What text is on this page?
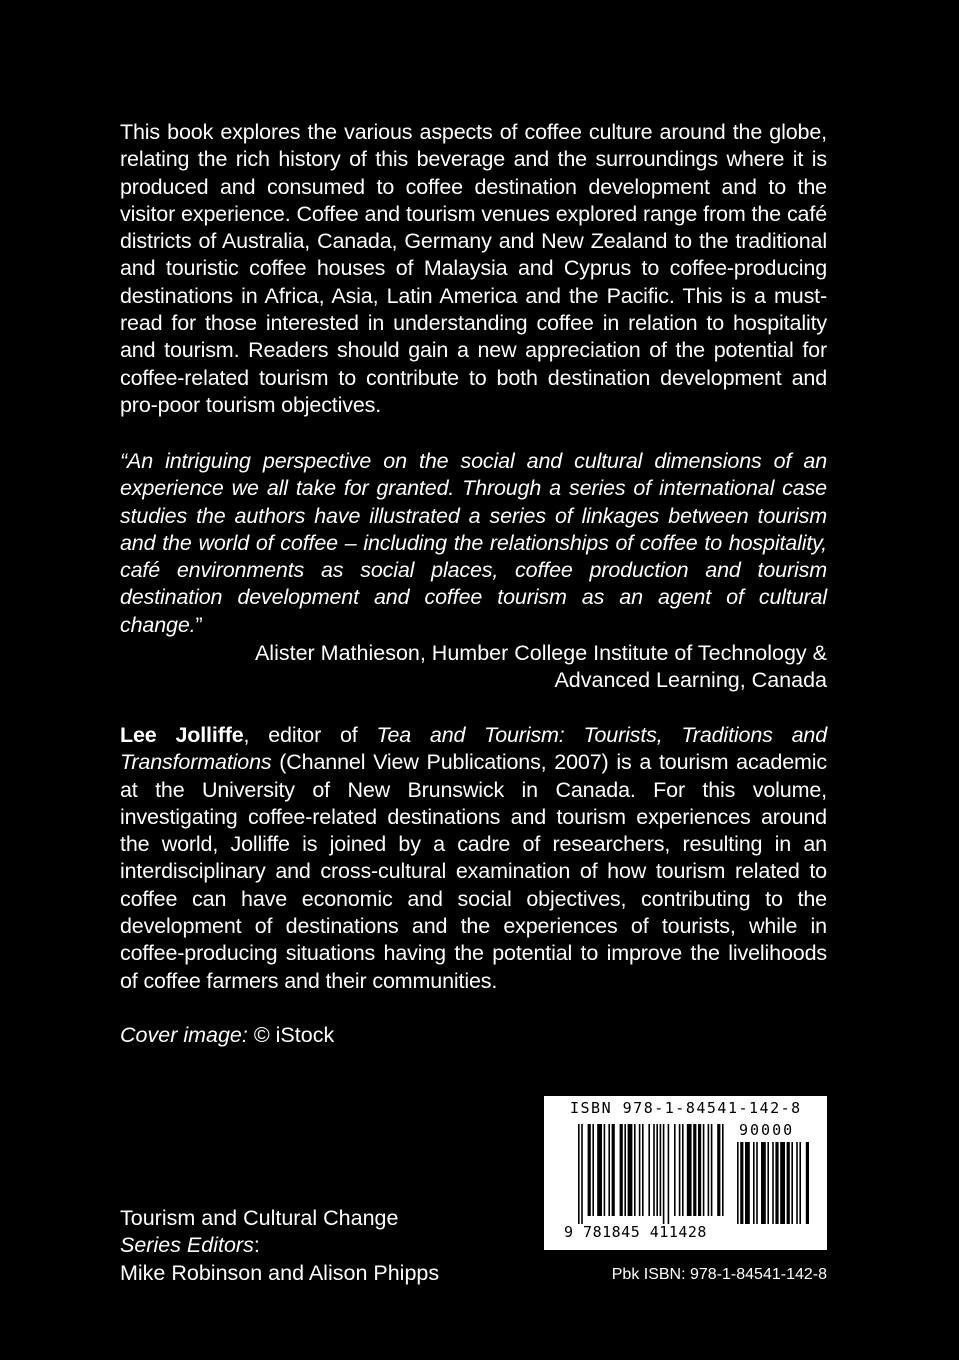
This book explores the various aspects of coffee culture around the globe, relating the rich history of this beverage and the surroundings where it is produced and consumed to coffee destination development and to the visitor experience. Coffee and tourism venues explored range from the café districts of Australia, Canada, Germany and New Zealand to the traditional and touristic coffee houses of Malaysia and Cyprus to coffee-producing destinations in Africa, Asia, Latin America and the Pacific. This is a must-read for those interested in understanding coffee in relation to hospitality and tourism. Readers should gain a new appreciation of the potential for coffee-related tourism to contribute to both destination development and pro-poor tourism objectives.
“An intriguing perspective on the social and cultural dimensions of an experience we all take for granted. Through a series of international case studies the authors have illustrated a series of linkages between tourism and the world of coffee – including the relationships of coffee to hospitality, café environments as social places, coffee production and tourism destination development and coffee tourism as an agent of cultural change.”
Alister Mathieson, Humber College Institute of Technology &
Advanced Learning, Canada
Lee Jolliffe, editor of Tea and Tourism: Tourists, Traditions and Transformations (Channel View Publications, 2007) is a tourism academic at the University of New Brunswick in Canada. For this volume, investigating coffee-related destinations and tourism experiences around the world, Jolliffe is joined by a cadre of researchers, resulting in an interdisciplinary and cross-cultural examination of how tourism related to coffee can have economic and social objectives, contributing to the development of destinations and the experiences of tourists, while in coffee-producing situations having the potential to improve the livelihoods of coffee farmers and their communities.
Cover image: © iStock
Tourism and Cultural Change
Series Editors:
Mike Robinson and Alison Phipps
ISBN 978-1-84541-142-8
90000
9 781845 411428
Pbk ISBN: 978-1-84541-142-8
